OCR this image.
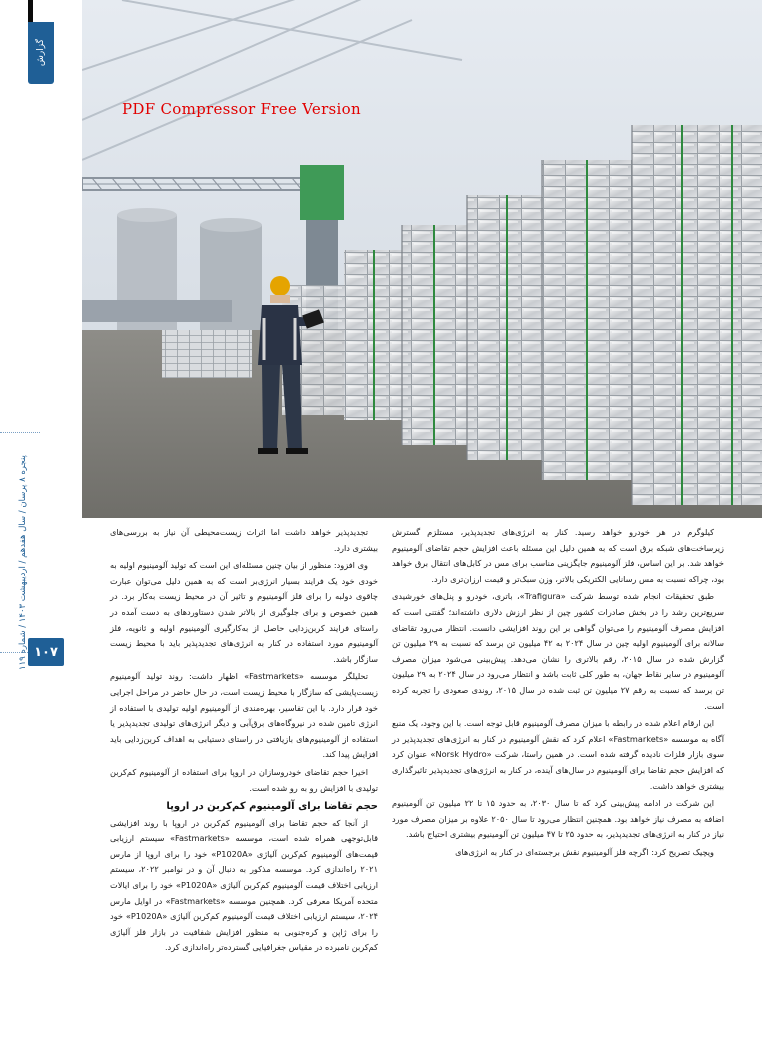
گزارش
پنجره ۸ پرسان / سال هفدهم / اردیبهشت ۱۴۰۳ / شماره ۱۱۹
۱۰۷
PDF Compressor Free Version

کیلوگرم در هر خودرو خواهد رسید. کنار به انرژی‌های تجدیدپذیر، مستلزم گسترش زیرساخت‌های شبکه برق است که به همین دلیل این مسئله باعث افزایش حجم تقاضای آلومینیوم خواهد شد. بر این اساس، فلز آلومینیوم جایگزینی مناسب برای مس در کابل‌های انتقال برق خواهد بود، چراکه نسبت به مس رسانایی الکتریکی بالاتر، وزن سبک‌تر و قیمت ارزان‌تری دارد.

طبق تحقیقات انجام شده توسط شرکت «Trafigura»، باتری، خودرو و پنل‌های خورشیدی سریع‌ترین رشد را در بخش صادرات کشور چین از نظر ارزش دلاری داشته‌اند؛ گفتنی است که افزایش مصرف آلومینیوم را می‌توان گواهی بر این روند افزایشی دانست. انتظار می‌رود تقاضای سالانه برای آلومینیوم اولیه چین در سال ۲۰۲۴ به ۴۲ میلیون تن برسد که نسبت به ۲۹ میلیون تن گزارش شده در سال ۲۰۱۵، رقم بالاتری را نشان می‌دهد. پیش‌بینی می‌شود میزان مصرف آلومینیوم در سایر نقاط جهان، به طور کلی ثابت باشد و انتظار می‌رود در سال ۲۰۲۴ به ۲۹ میلیون تن برسد که نسبت به رقم ۲۷ میلیون تن ثبت شده در سال ۲۰۱۵، روندی صعودی را تجربه کرده است.

این ارقام اعلام شده در رابطه با میزان مصرف آلومینیوم قابل توجه است. با این وجود، یک منبع آگاه به موسسه «Fastmarkets» اعلام کرد که نقش آلومینیوم در کنار به انرژی‌های تجدیدپذیر در سوی بازار فلزات نادیده گرفته شده است. در همین راستا، شرکت «Norsk Hydro» عنوان کرد که افزایش حجم تقاضا برای آلومینیوم در سال‌های آینده، در کنار به انرژی‌های تجدیدپذیر تاثیرگذاری بیشتری خواهد داشت.

این شرکت در ادامه پیش‌بینی کرد که تا سال ۲۰۳۰، به حدود ۱۵ تا ۲۲ میلیون تن آلومینیوم اضافه به مصرف نیاز خواهد بود. همچنین انتظار می‌رود تا سال ۲۰۵۰ علاوه بر میزان مصرف مورد نیاز در کنار به انرژی‌های تجدیدپذیر، به حدود ۲۵ تا ۴۷ میلیون تن آلومینیوم بیشتری احتیاج باشد.

ویچیک تصریح کرد: اگرچه فلز آلومینیوم نقش برجسته‌ای در کنار به انرژی‌های

تجدیدپذیر خواهد داشت اما اثرات زیست‌محیطی آن نیاز به بررسی‌های بیشتری دارد.

وی افزود: منظور از بیان چنین مسئله‌ای این است که تولید آلومینیوم اولیه به خودی خود یک فرایند بسیار انرژی‌بر است که به همین دلیل می‌توان عبارت چاقوی دولبه را برای فلز آلومینیوم و تاثیر آن در محیط زیست به‌کار برد. در همین خصوص و برای جلوگیری از بالاتر شدن دستاوردهای به دست آمده در راستای فرایند کربن‌زدایی حاصل از به‌کارگیری آلومینیوم اولیه و ثانویه، فلز آلومینیوم مورد استفاده در کنار به انرژی‌های تجدیدپذیر باید با محیط زیست سازگار باشد.

تحلیلگر موسسه «Fastmarkets» اظهار داشت: روند تولید آلومینیوم زیست‌پایشی که سازگار با محیط زیست است، در حال حاضر در مراحل اجرایی خود قرار دارد. با این تفاسیر، بهره‌مندی از آلومینیوم اولیه تولیدی با استفاده از انرژی تامین شده در نیروگاه‌های برق‌آبی و دیگر انرژی‌های تولیدی تجدیدپذیر یا استفاده از آلومینیوم‌های بازیافتی در راستای دستیابی به اهداف کربن‌زدایی باید افزایش پیدا کند.

اخیرا حجم تقاضای خودروسازان در اروپا برای استفاده از آلومینیوم کم‌کربن تولیدی با افزایش رو به رو شده است.

حجم تقاضا برای آلومینیوم کم‌کربن در اروپا

از آنجا که حجم تقاضا برای آلومینیوم کم‌کربن در اروپا با روند افزایشی قابل‌توجهی همراه شده است، موسسه «Fastmarkets» سیستم ارزیابی قیمت‌های آلومینیوم کم‌کربن آلیاژی «P1020A» خود را برای اروپا از مارس ۲۰۲۱ راه‌اندازی کرد. موسسه مذکور به دنبال آن و در نوامبر ۲۰۲۲، سیستم ارزیابی اختلاف قیمت آلومینیوم کم‌کربن آلیاژی «P1020A» خود را برای ایالات متحده آمریکا معرفی کرد. همچنین موسسه «Fastmarkets» در اوایل مارس ۲۰۲۴، سیستم ارزیابی اختلاف قیمت آلومینیوم کم‌کربن آلیاژی «P1020A» خود را برای ژاپن و کره‌جنوبی به منظور افزایش شفافیت در بازار فلز آلیاژی کم‌کربن نامبرده در مقیاس جغرافیایی گسترده‌تر راه‌اندازی کرد.
